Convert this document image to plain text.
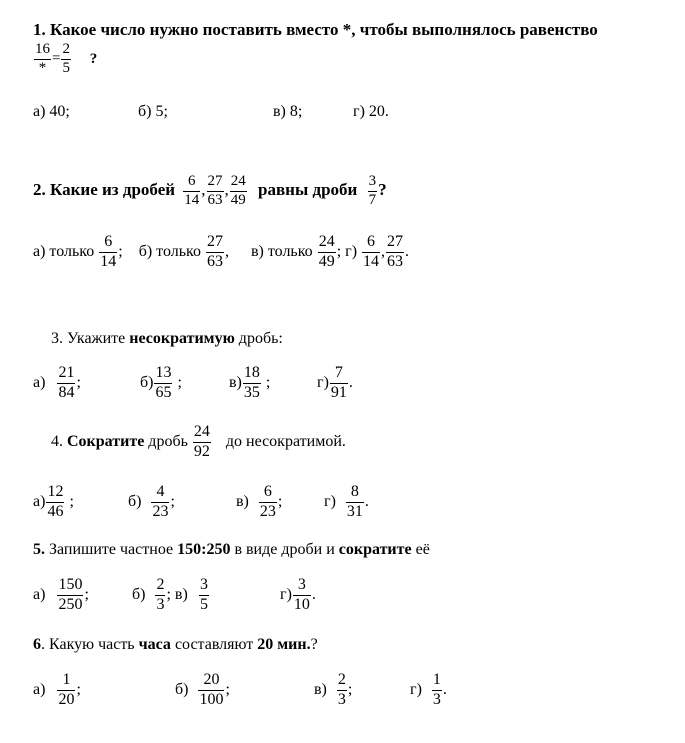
1. Какое число нужно поставить вместо *, чтобы выполнялось равенство
$\frac{16}{*} = \frac{2}{5}$ ?
а) 40;	б) 5;	в) 8;	г) 20.
2. Какие из дробей $\frac{6}{14}$ , $\frac{27}{63}$ , $\frac{24}{49}$ равны дроби $\frac{3}{7}$ ?
а) только $\frac{6}{14}$ ; б) только $\frac{27}{63}$ , в) только $\frac{24}{49}$ ; $г) \frac{6}{14}$ , $\frac{27}{63}$ .
3. Укажите несократимую дробь:
$а) \frac{21}{84}$ ;	$б) \frac{13}{65}$ ;	$в) \frac{18}{35}$ ;	$г) \frac{7}{91}$ .
4. Сократите дробь $\frac{24}{92}$ до несократимой.
$а) \frac{12}{46}$ ;	$б) \frac{4}{23}$ ;	$в) \frac{6}{23}$ ;	$г) \frac{8}{31}$ .
5. Запишите частное 150:250 в виде дроби и сократите её
$а) \frac{150}{250}$ ;	$б) \frac{2}{3}$ ; $в) \frac{3}{5}$	$г) \frac{3}{10}$ .
6. Какую часть часа составляют 20 мин.?
$а) \frac{1}{20}$ ;	$б) \frac{20}{100}$ ;	$в) \frac{2}{3}$ ;	$г) \frac{1}{3}$ .
